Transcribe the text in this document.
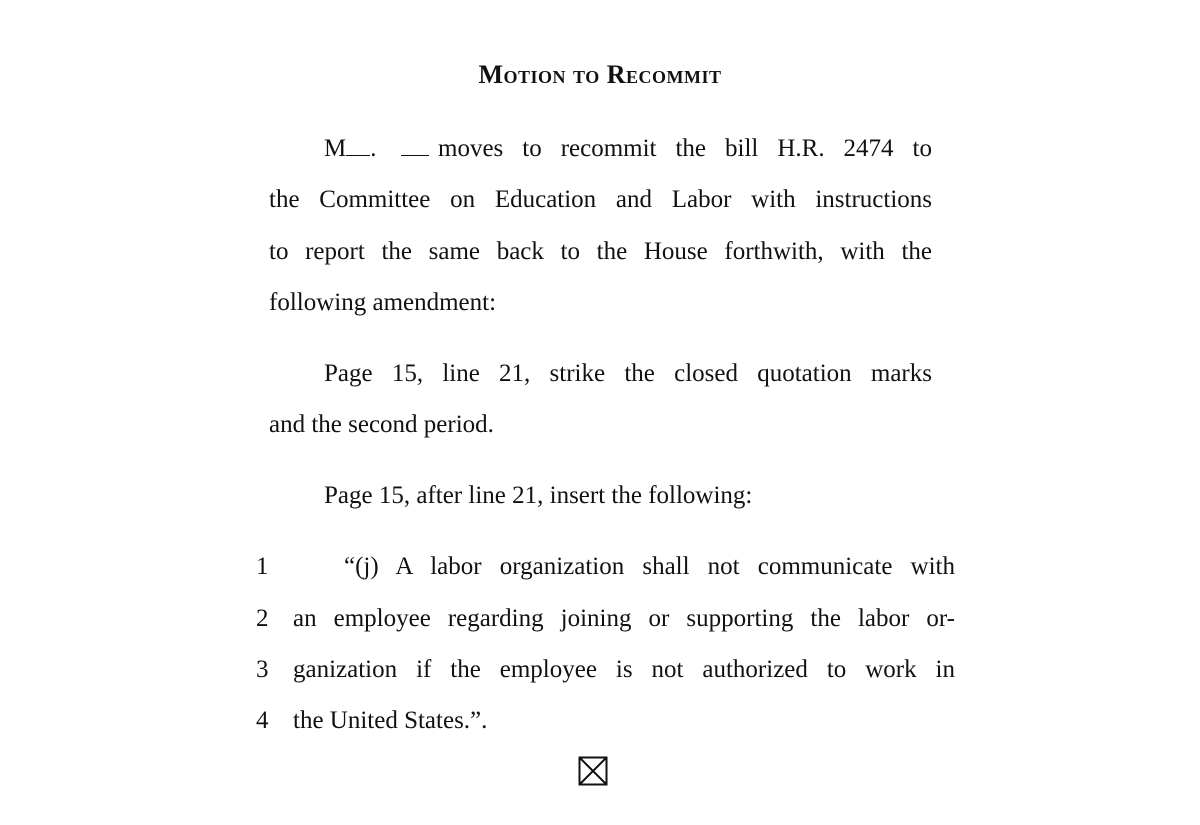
Motion to Recommit
M .	moves to recommit the bill H.R. 2474 to
the Committee on Education and Labor with instructions
to report the same back to the House forthwith, with the
following amendment:
Page 15, line 21, strike the closed quotation marks
and the second period.
Page 15, after line 21, insert the following:
1	“(j) A labor organization shall not communicate with
2 an employee regarding joining or supporting the labor or-
3 ganization if the employee is not authorized to work in
4 the United States.”.
